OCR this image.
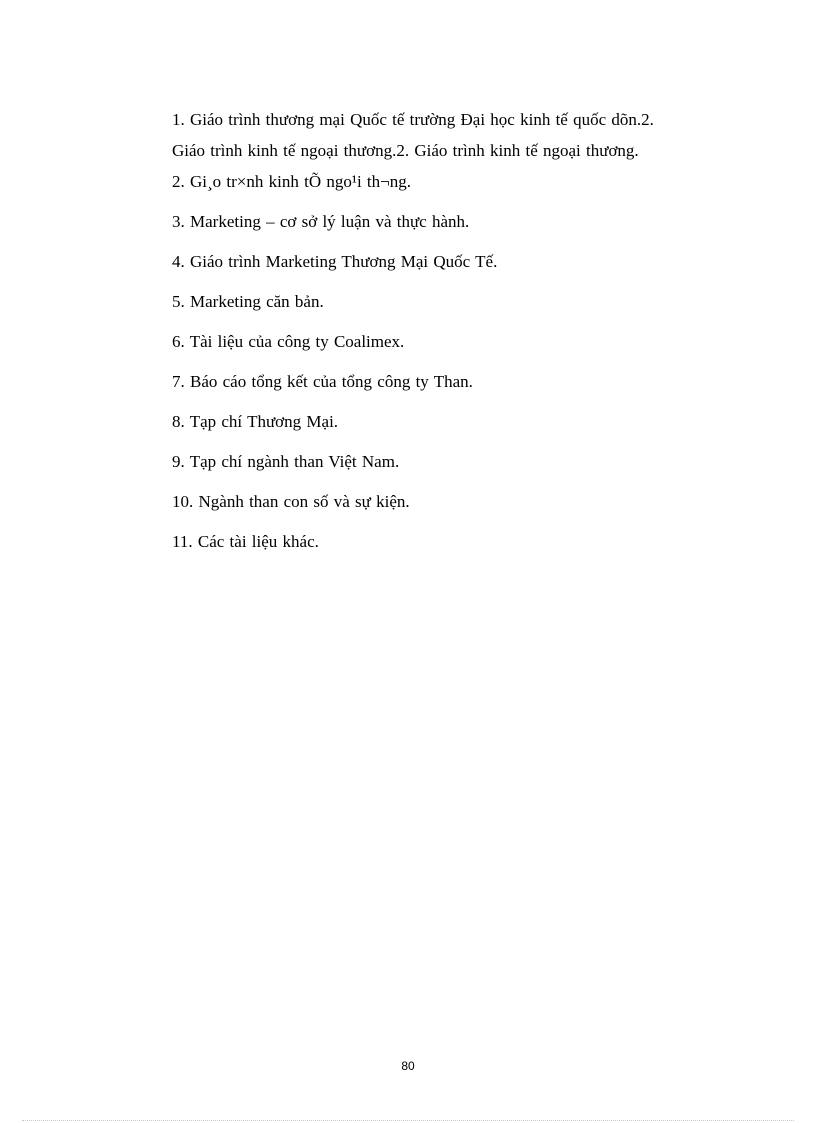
1. Giáo trình thương mại Quốc tế trường Đại học kinh tế quốc dõn.2. Giáo trình kinh tế ngoại thương.2. Giáo trình kinh tế ngoại thương.

2. Gi¸o tr×nh kinh tÕ ngo¹i th¬ng.

3. Marketing – cơ sở lý luận và thực hành.

4. Giáo trình Marketing Thương Mại Quốc Tế.

5. Marketing căn bản.

6. Tài liệu của công ty Coalimex.

7. Báo cáo tổng kết của tổng công ty Than.

8. Tạp chí Thương Mại.

9. Tạp chí ngành than Việt Nam.

10. Ngành than con số và sự kiện.

11. Các tài liệu khác.

80
